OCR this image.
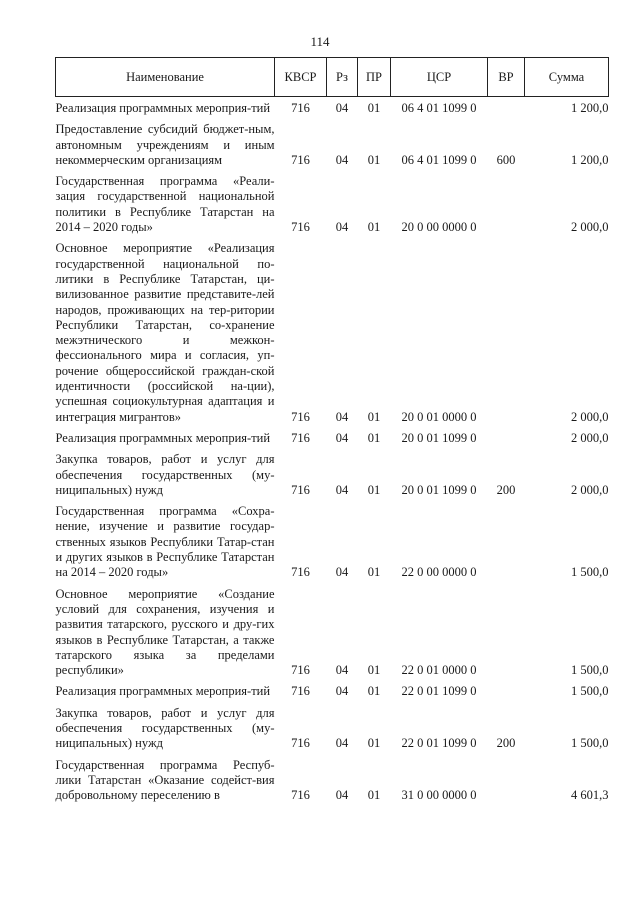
114
Наименование	КВСР	Рз	ПР	ЦСР	ВР	Сумма
Реализация программных мероприя-тий	716	04	01	06 4 01 1099 0		1 200,0
Предоставление субсидий бюджет-ным, автономным учреждениям и иным некоммерческим организациям	716	04	01	06 4 01 1099 0	600	1 200,0
Государственная программа «Реали-зация государственной национальной политики в Республике Татарстан на 2014 – 2020 годы»	716	04	01	20 0 00 0000 0		2 000,0
Основное мероприятие «Реализация государственной национальной по-литики в Республике Татарстан, ци-вилизованное развитие представите-лей народов, проживающих на тер-ритории Республики Татарстан, со-хранение межэтнического и межкон-фессионального мира и согласия, уп-рочение общероссийской граждан-ской идентичности (российской на-ции), успешная социокультурная адаптация и интеграция мигрантов»	716	04	01	20 0 01 0000 0		2 000,0
Реализация программных мероприя-тий	716	04	01	20 0 01 1099 0		2 000,0
Закупка товаров, работ и услуг для обеспечения государственных (му-ниципальных) нужд	716	04	01	20 0 01 1099 0	200	2 000,0
Государственная программа «Сохра-нение, изучение и развитие государ-ственных языков Республики Татар-стан и других языков в Республике Татарстан на 2014 – 2020 годы»	716	04	01	22 0 00 0000 0		1 500,0
Основное мероприятие «Создание условий для сохранения, изучения и развития татарского, русского и дру-гих языков в Республике Татарстан, а также татарского языка за пределами республики»	716	04	01	22 0 01 0000 0		1 500,0
Реализация программных мероприя-тий	716	04	01	22 0 01 1099 0		1 500,0
Закупка товаров, работ и услуг для обеспечения государственных (му-ниципальных) нужд	716	04	01	22 0 01 1099 0	200	1 500,0
Государственная программа Респуб-лики Татарстан «Оказание содейст-вия добровольному переселению в	716	04	01	31 0 00 0000 0		4 601,3
